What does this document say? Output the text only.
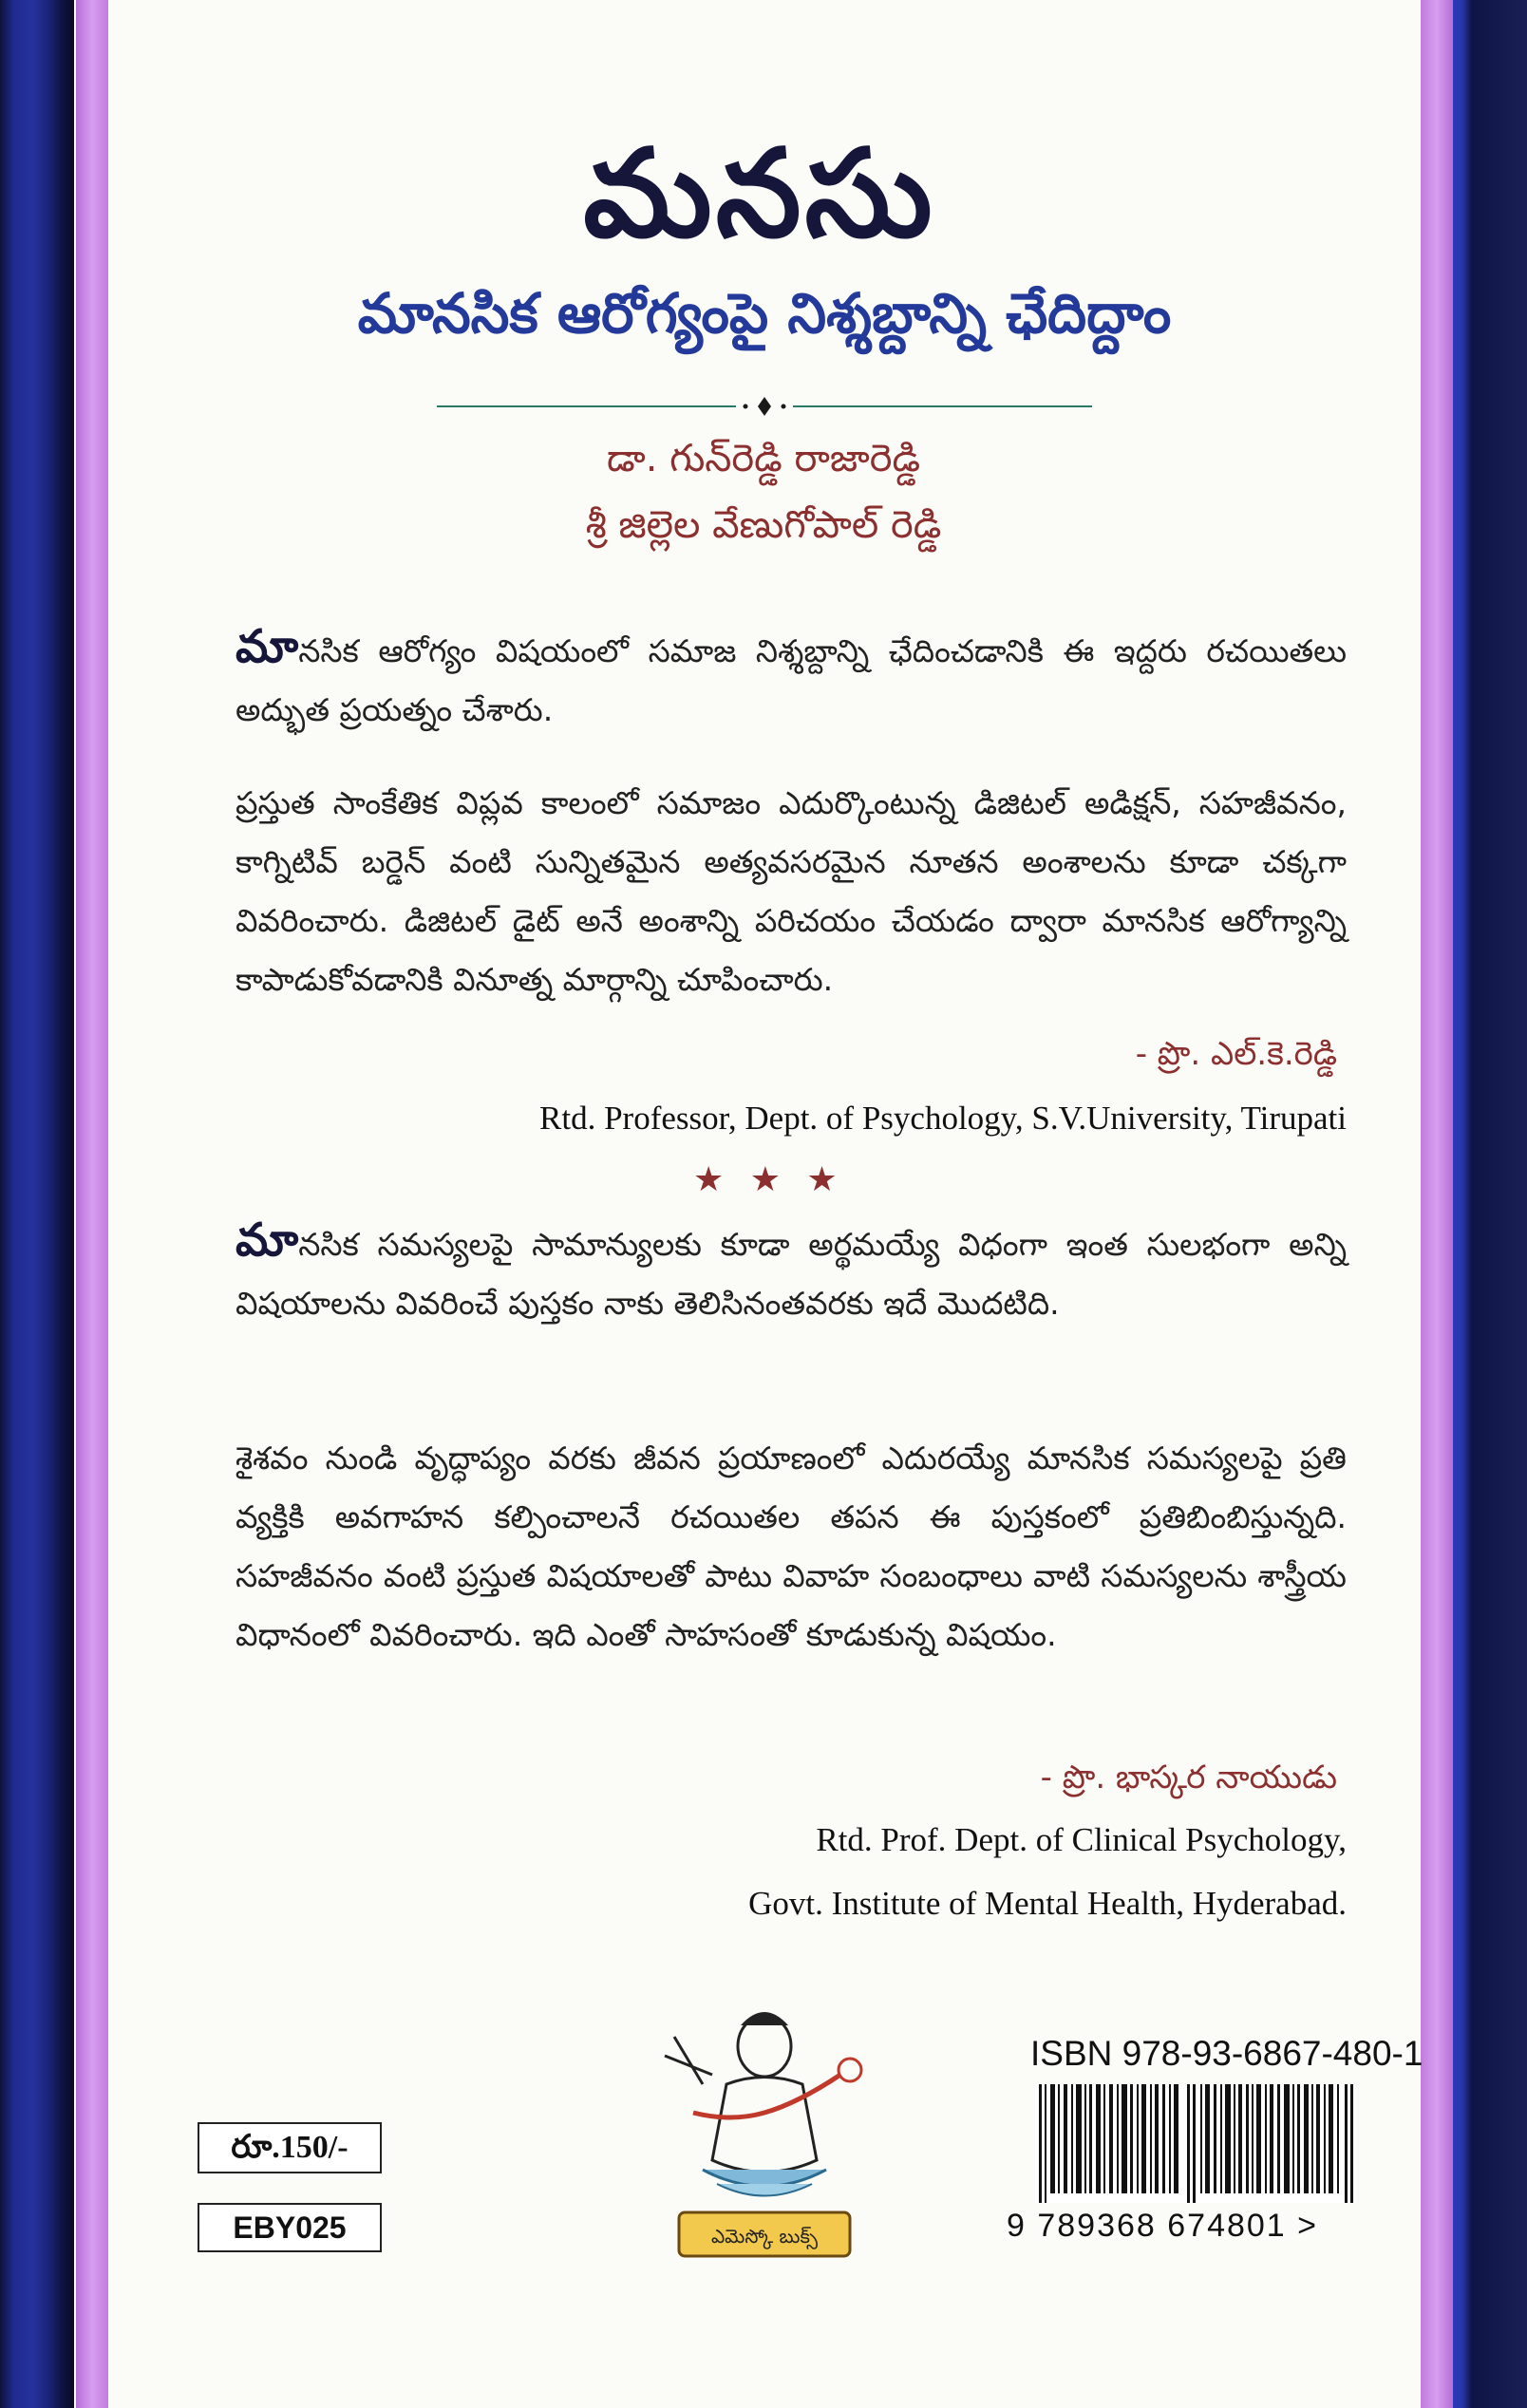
మనసు
మానసిక ఆరోగ్యంపై నిశ్శబ్దాన్ని ఛేదిద్దాం
డా. గున్‌రెడ్డి రాజారెడ్డి
శ్రీ జిల్లెల వేణుగోపాల్ రెడ్డి
మానసిక ఆరోగ్యం విషయంలో సమాజ నిశ్శబ్దాన్ని ఛేదించడానికి ఈ ఇద్దరు రచయితలు అద్భుత ప్రయత్నం చేశారు.
ప్రస్తుత సాంకేతిక విప్లవ కాలంలో సమాజం ఎదుర్కొంటున్న డిజిటల్ అడిక్షన్, సహజీవనం, కాగ్నిటివ్ బర్డెన్ వంటి సున్నితమైన అత్యవసరమైన నూతన అంశాలను కూడా చక్కగా వివరించారు. డిజిటల్ డైట్ అనే అంశాన్ని పరిచయం చేయడం ద్వారా మానసిక ఆరోగ్యాన్ని కాపాడుకోవడానికి వినూత్న మార్గాన్ని చూపించారు.
- ప్రొ. ఎల్.కె.రెడ్డి
Rtd. Professor, Dept. of Psychology, S.V.University, Tirupati
★ ★ ★
మానసిక సమస్యలపై సామాన్యులకు కూడా అర్థమయ్యే విధంగా ఇంత సులభంగా అన్ని విషయాలను వివరించే పుస్తకం నాకు తెలిసినంతవరకు ఇదే మొదటిది.
శైశవం నుండి వృద్ధాప్యం వరకు జీవన ప్రయాణంలో ఎదురయ్యే మానసిక సమస్యలపై ప్రతి వ్యక్తికి అవగాహన కల్పించాలనే రచయితల తపన ఈ పుస్తకంలో ప్రతిబింబిస్తున్నది. సహజీవనం వంటి ప్రస్తుత విషయాలతో పాటు వివాహ సంబంధాలు వాటి సమస్యలను శాస్త్రీయ విధానంలో వివరించారు. ఇది ఎంతో సాహసంతో కూడుకున్న విషయం.
- ప్రొ. భాస్కర నాయుడు
Rtd. Prof. Dept. of Clinical Psychology,
Govt. Institute of Mental Health, Hyderabad.
ఎమెస్కో బుక్స్
ISBN 978-93-6867-480-1
9 789368 674801 >
రూ.150/-
EBY025
